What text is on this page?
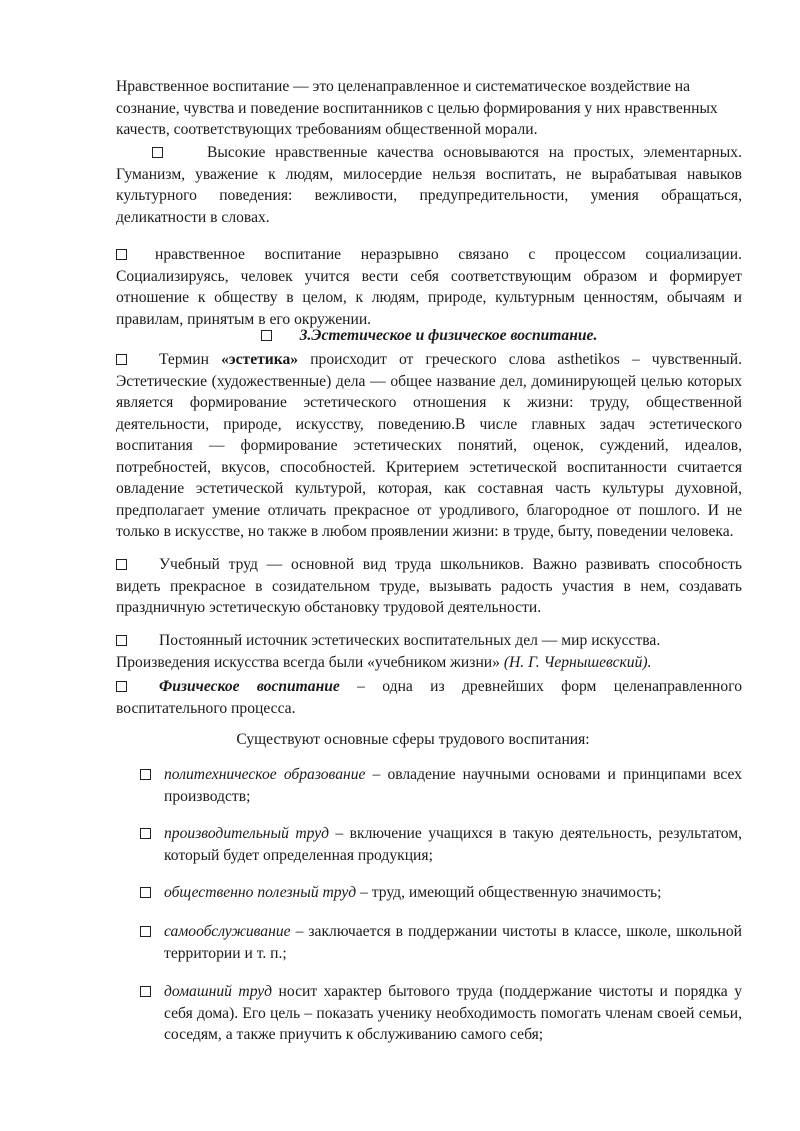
Нравственное воспитание — это целенаправленное и систематическое воздействие на сознание, чувства и поведение воспитанников с целью формирования у них нравственных качеств, соответствующих требованиям общественной морали.

Высокие нравственные качества основываются на простых, элементарных. Гуманизм, уважение к людям, милосердие нельзя воспитать, не вырабатывая навыков культурного поведения: вежливости, предупредительности, умения обращаться, деликатности в словах.

нравственное воспитание неразрывно связано с процессом социализации. Социализируясь, человек учится вести себя соответствующим образом и формирует отношение к обществу в целом, к людям, природе, культурным ценностям, обычаям и правилам, принятым в его окружении.

3.Эстетическое и физическое воспитание.

Термин «эстетика» происходит от греческого слова asthetikos – чувственный. Эстетические (художественные) дела — общее название дел, доминирующей целью которых является формирование эстетического отношения к жизни: труду, общественной деятельности, природе, искусству, поведению.В числе главных задач эстетического воспитания — формирование эстетических понятий, оценок, суждений, идеалов, потребностей, вкусов, способностей. Критерием эстетической воспитанности считается овладение эстетической культурой, которая, как составная часть культуры духовной, предполагает умение отличать прекрасное от уродливого, благородное от пошлого. И не только в искусстве, но также в любом проявлении жизни: в труде, быту, поведении человека.

Учебный труд — основной вид труда школьников. Важно развивать способность видеть прекрасное в созидательном труде, вызывать радость участия в нем, создавать праздничную эстетическую обстановку трудовой деятельности.

Постоянный источник эстетических воспитательных дел — мир искусства.
Произведения искусства всегда были «учебником жизни» (Н. Г. Чернышевский).

Физическое воспитание – одна из древнейших форм целенаправленного воспитательного процесса.

Существуют основные сферы трудового воспитания:

политехническое образование – овладение научными основами и принципами всех производств;
производительный труд – включение учащихся в такую деятельность, результатом, который будет определенная продукция;
общественно полезный труд – труд, имеющий общественную значимость;
самообслуживание – заключается в поддержании чистоты в классе, школе, школьной территории и т. п.;
домашний труд носит характер бытового труда (поддержание чистоты и порядка у себя дома). Его цель – показать ученику необходимость помогать членам своей семьи, соседям, а также приучить к обслуживанию самого себя;
